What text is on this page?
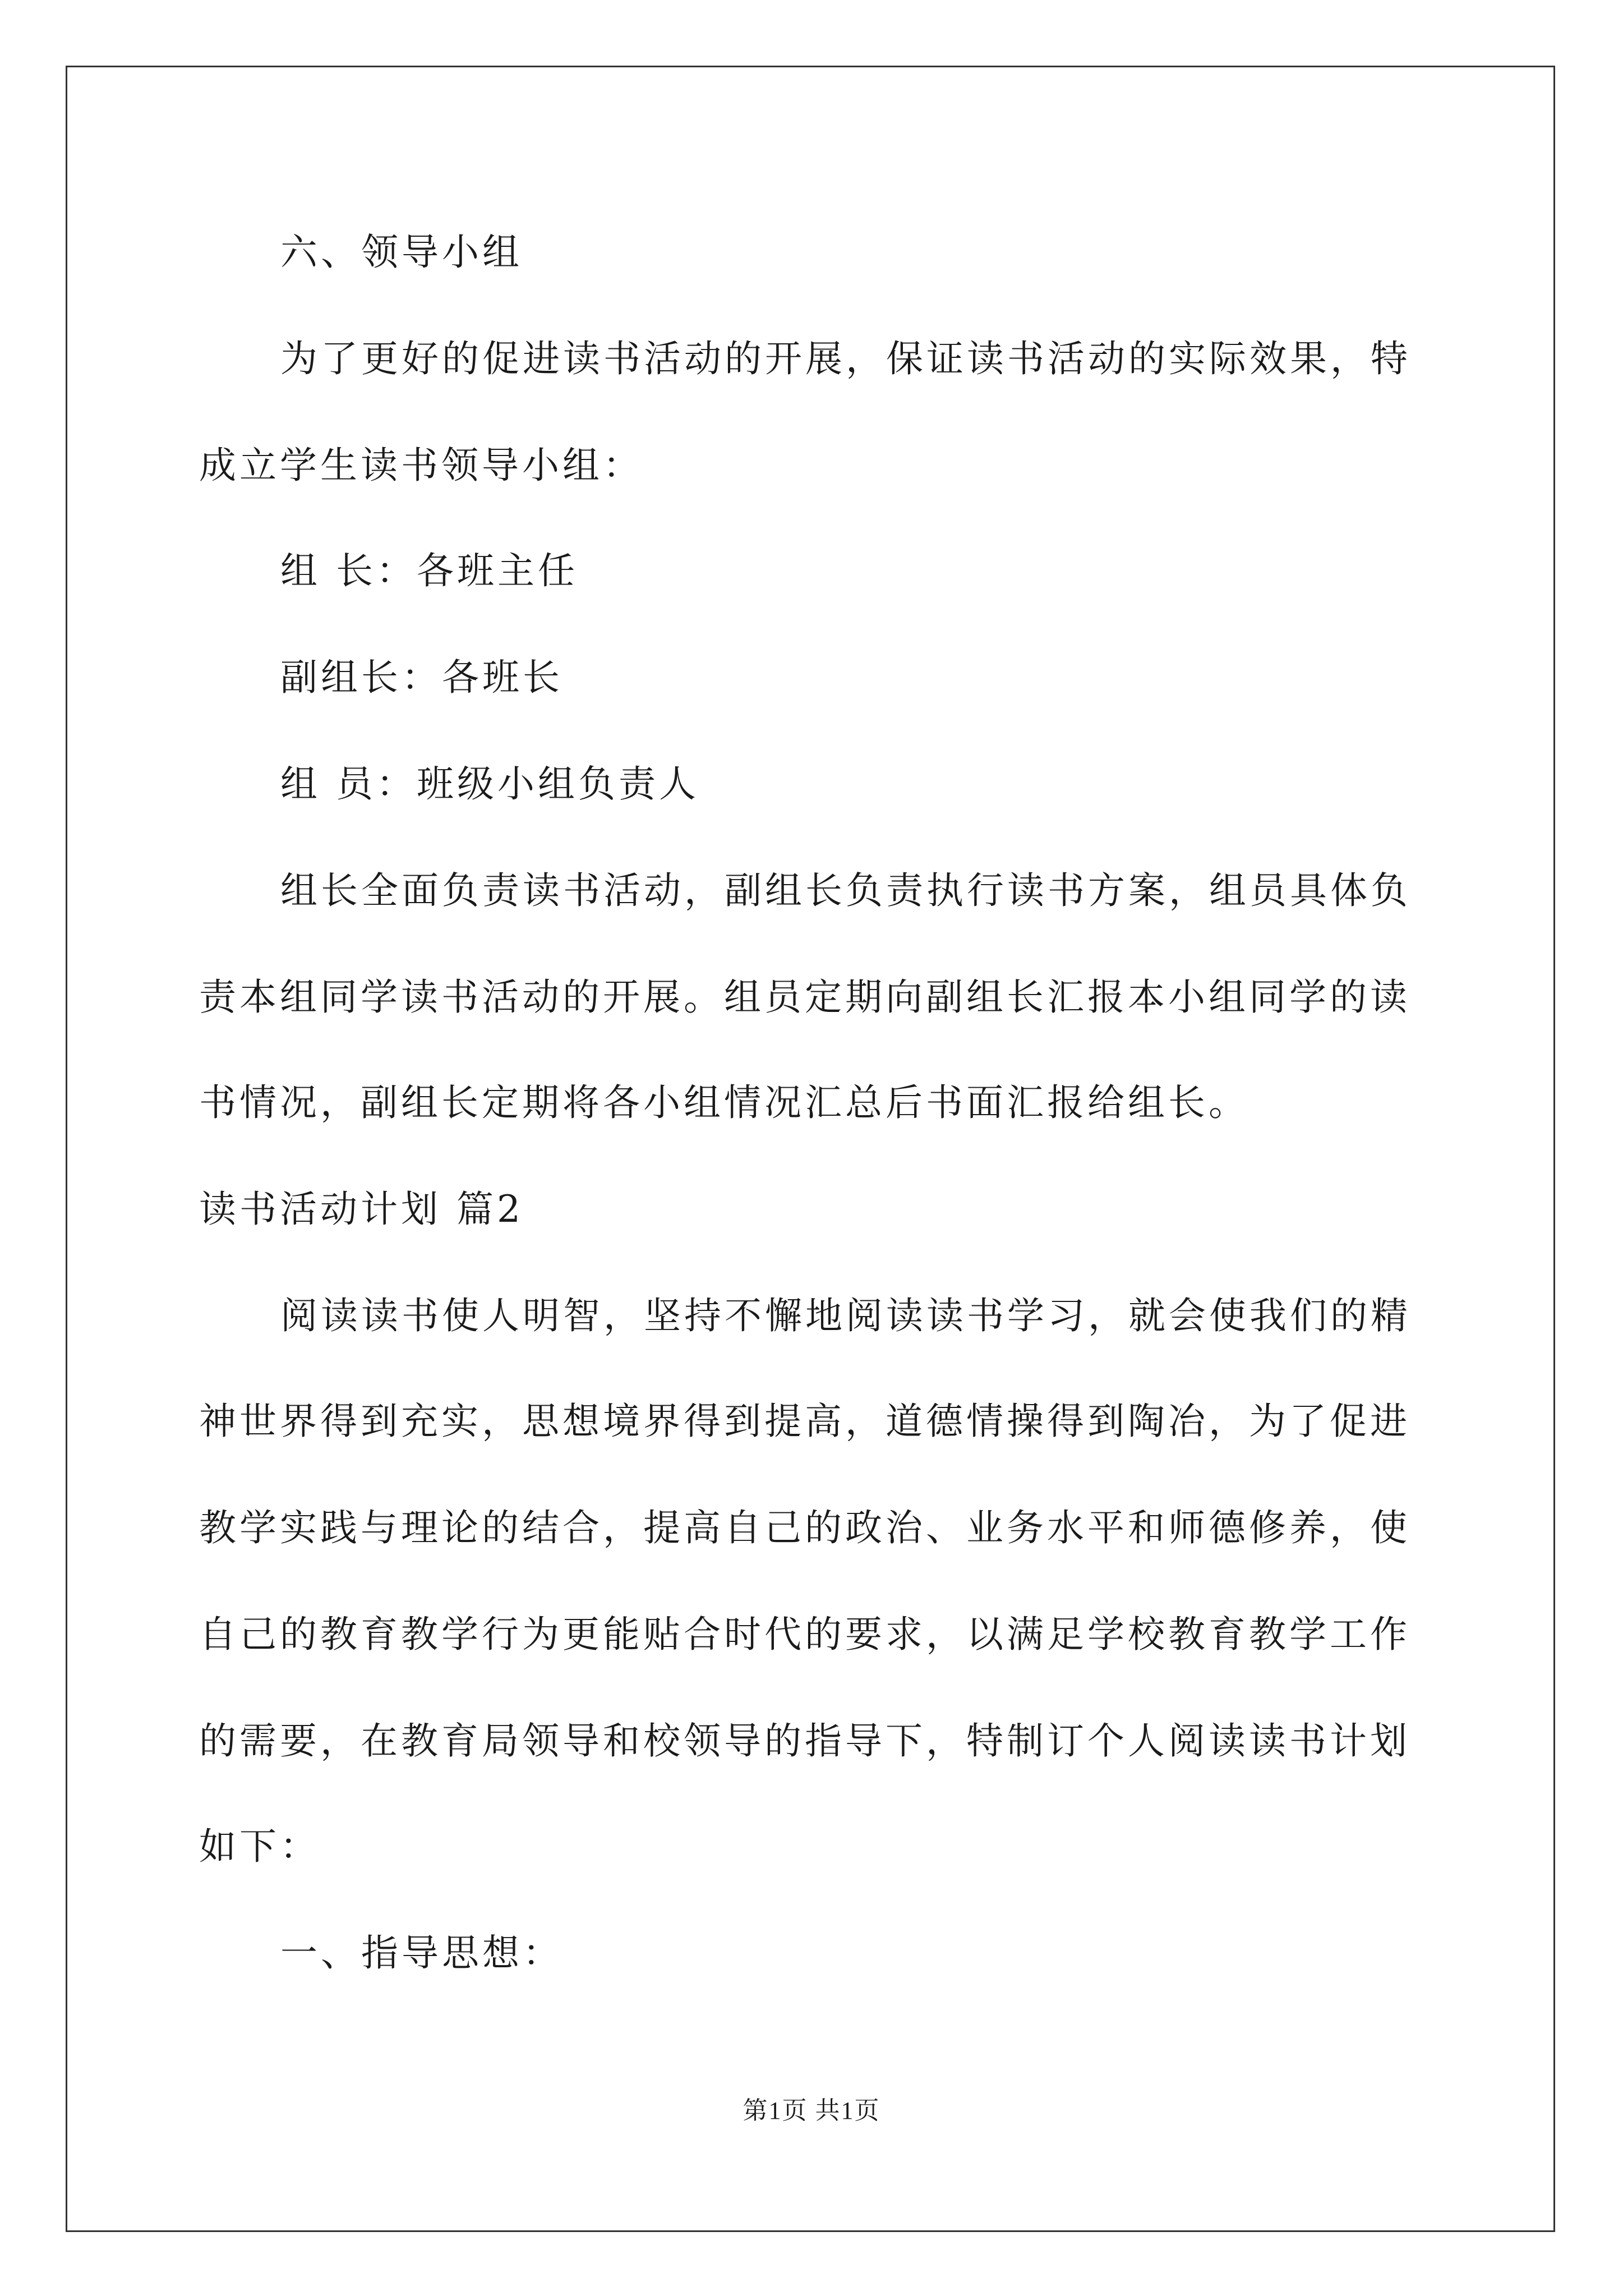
六、领导小组
为了更好的促进读书活动的开展，保证读书活动的实际效果，特
成立学生读书领导小组：
组 长：各班主任
副组长：各班长
组 员：班级小组负责人
组长全面负责读书活动，副组长负责执行读书方案，组员具体负
责本组同学读书活动的开展。组员定期向副组长汇报本小组同学的读
书情况，副组长定期将各小组情况汇总后书面汇报给组长。
读书活动计划 篇2
阅读读书使人明智，坚持不懈地阅读读书学习，就会使我们的精
神世界得到充实，思想境界得到提高，道德情操得到陶冶，为了促进
教学实践与理论的结合，提高自己的政治、业务水平和师德修养，使
自己的教育教学行为更能贴合时代的要求，以满足学校教育教学工作
的需要，在教育局领导和校领导的指导下，特制订个人阅读读书计划
如下：
一、指导思想：
第1页 共1页
